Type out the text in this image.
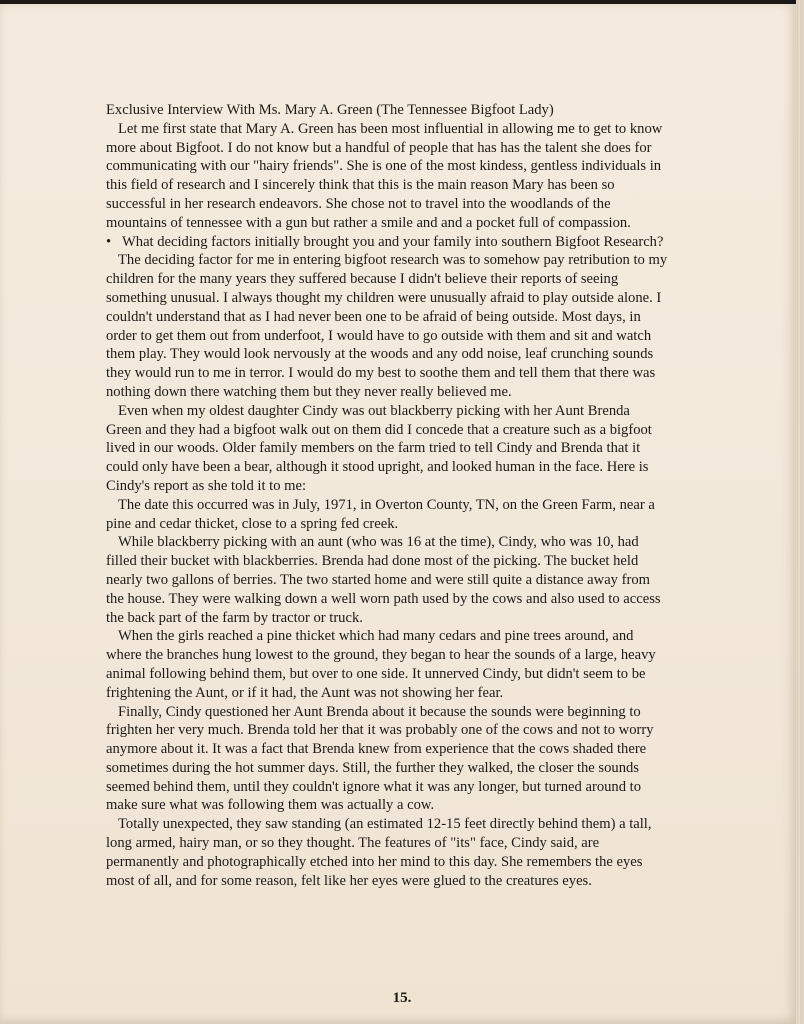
Exclusive Interview With Ms. Mary A. Green (The Tennessee Bigfoot Lady)

Let me first state that Mary A. Green has been most influential in allowing me to get to know more about Bigfoot. I do not know but a handful of people that has has the talent she does for communicating with our "hairy friends". She is one of the most kindess, gentless individuals in this field of research and I sincerely think that this is the main reason Mary has been so successful in her research endeavors. She chose not to travel into the woodlands of the mountains of tennessee with a gun but rather a smile and and a pocket full of compassion.

• What deciding factors initially brought you and your family into southern Bigfoot Research?

The deciding factor for me in entering bigfoot research was to somehow pay retribution to my children for the many years they suffered because I didn't believe their reports of seeing something unusual. I always thought my children were unusually afraid to play outside alone. I couldn't understand that as I had never been one to be afraid of being outside. Most days, in order to get them out from underfoot, I would have to go outside with them and sit and watch them play. They would look nervously at the woods and any odd noise, leaf crunching sounds they would run to me in terror. I would do my best to soothe them and tell them that there was nothing down there watching them but they never really believed me.

Even when my oldest daughter Cindy was out blackberry picking with her Aunt Brenda Green and they had a bigfoot walk out on them did I concede that a creature such as a bigfoot lived in our woods. Older family members on the farm tried to tell Cindy and Brenda that it could only have been a bear, although it stood upright, and looked human in the face. Here is Cindy's report as she told it to me:

The date this occurred was in July, 1971, in Overton County, TN, on the Green Farm, near a pine and cedar thicket, close to a spring fed creek.

While blackberry picking with an aunt (who was 16 at the time), Cindy, who was 10, had filled their bucket with blackberries. Brenda had done most of the picking. The bucket held nearly two gallons of berries. The two started home and were still quite a distance away from the house. They were walking down a well worn path used by the cows and also used to access the back part of the farm by tractor or truck.

When the girls reached a pine thicket which had many cedars and pine trees around, and where the branches hung lowest to the ground, they began to hear the sounds of a large, heavy animal following behind them, but over to one side. It unnerved Cindy, but didn't seem to be frightening the Aunt, or if it had, the Aunt was not showing her fear.

Finally, Cindy questioned her Aunt Brenda about it because the sounds were beginning to frighten her very much. Brenda told her that it was probably one of the cows and not to worry anymore about it. It was a fact that Brenda knew from experience that the cows shaded there sometimes during the hot summer days. Still, the further they walked, the closer the sounds seemed behind them, until they couldn't ignore what it was any longer, but turned around to make sure what was following them was actually a cow.

Totally unexpected, they saw standing (an estimated 12-15 feet directly behind them) a tall, long armed, hairy man, or so they thought. The features of "its" face, Cindy said, are permanently and photographically etched into her mind to this day. She remembers the eyes most of all, and for some reason, felt like her eyes were glued to the creatures eyes.

15.
